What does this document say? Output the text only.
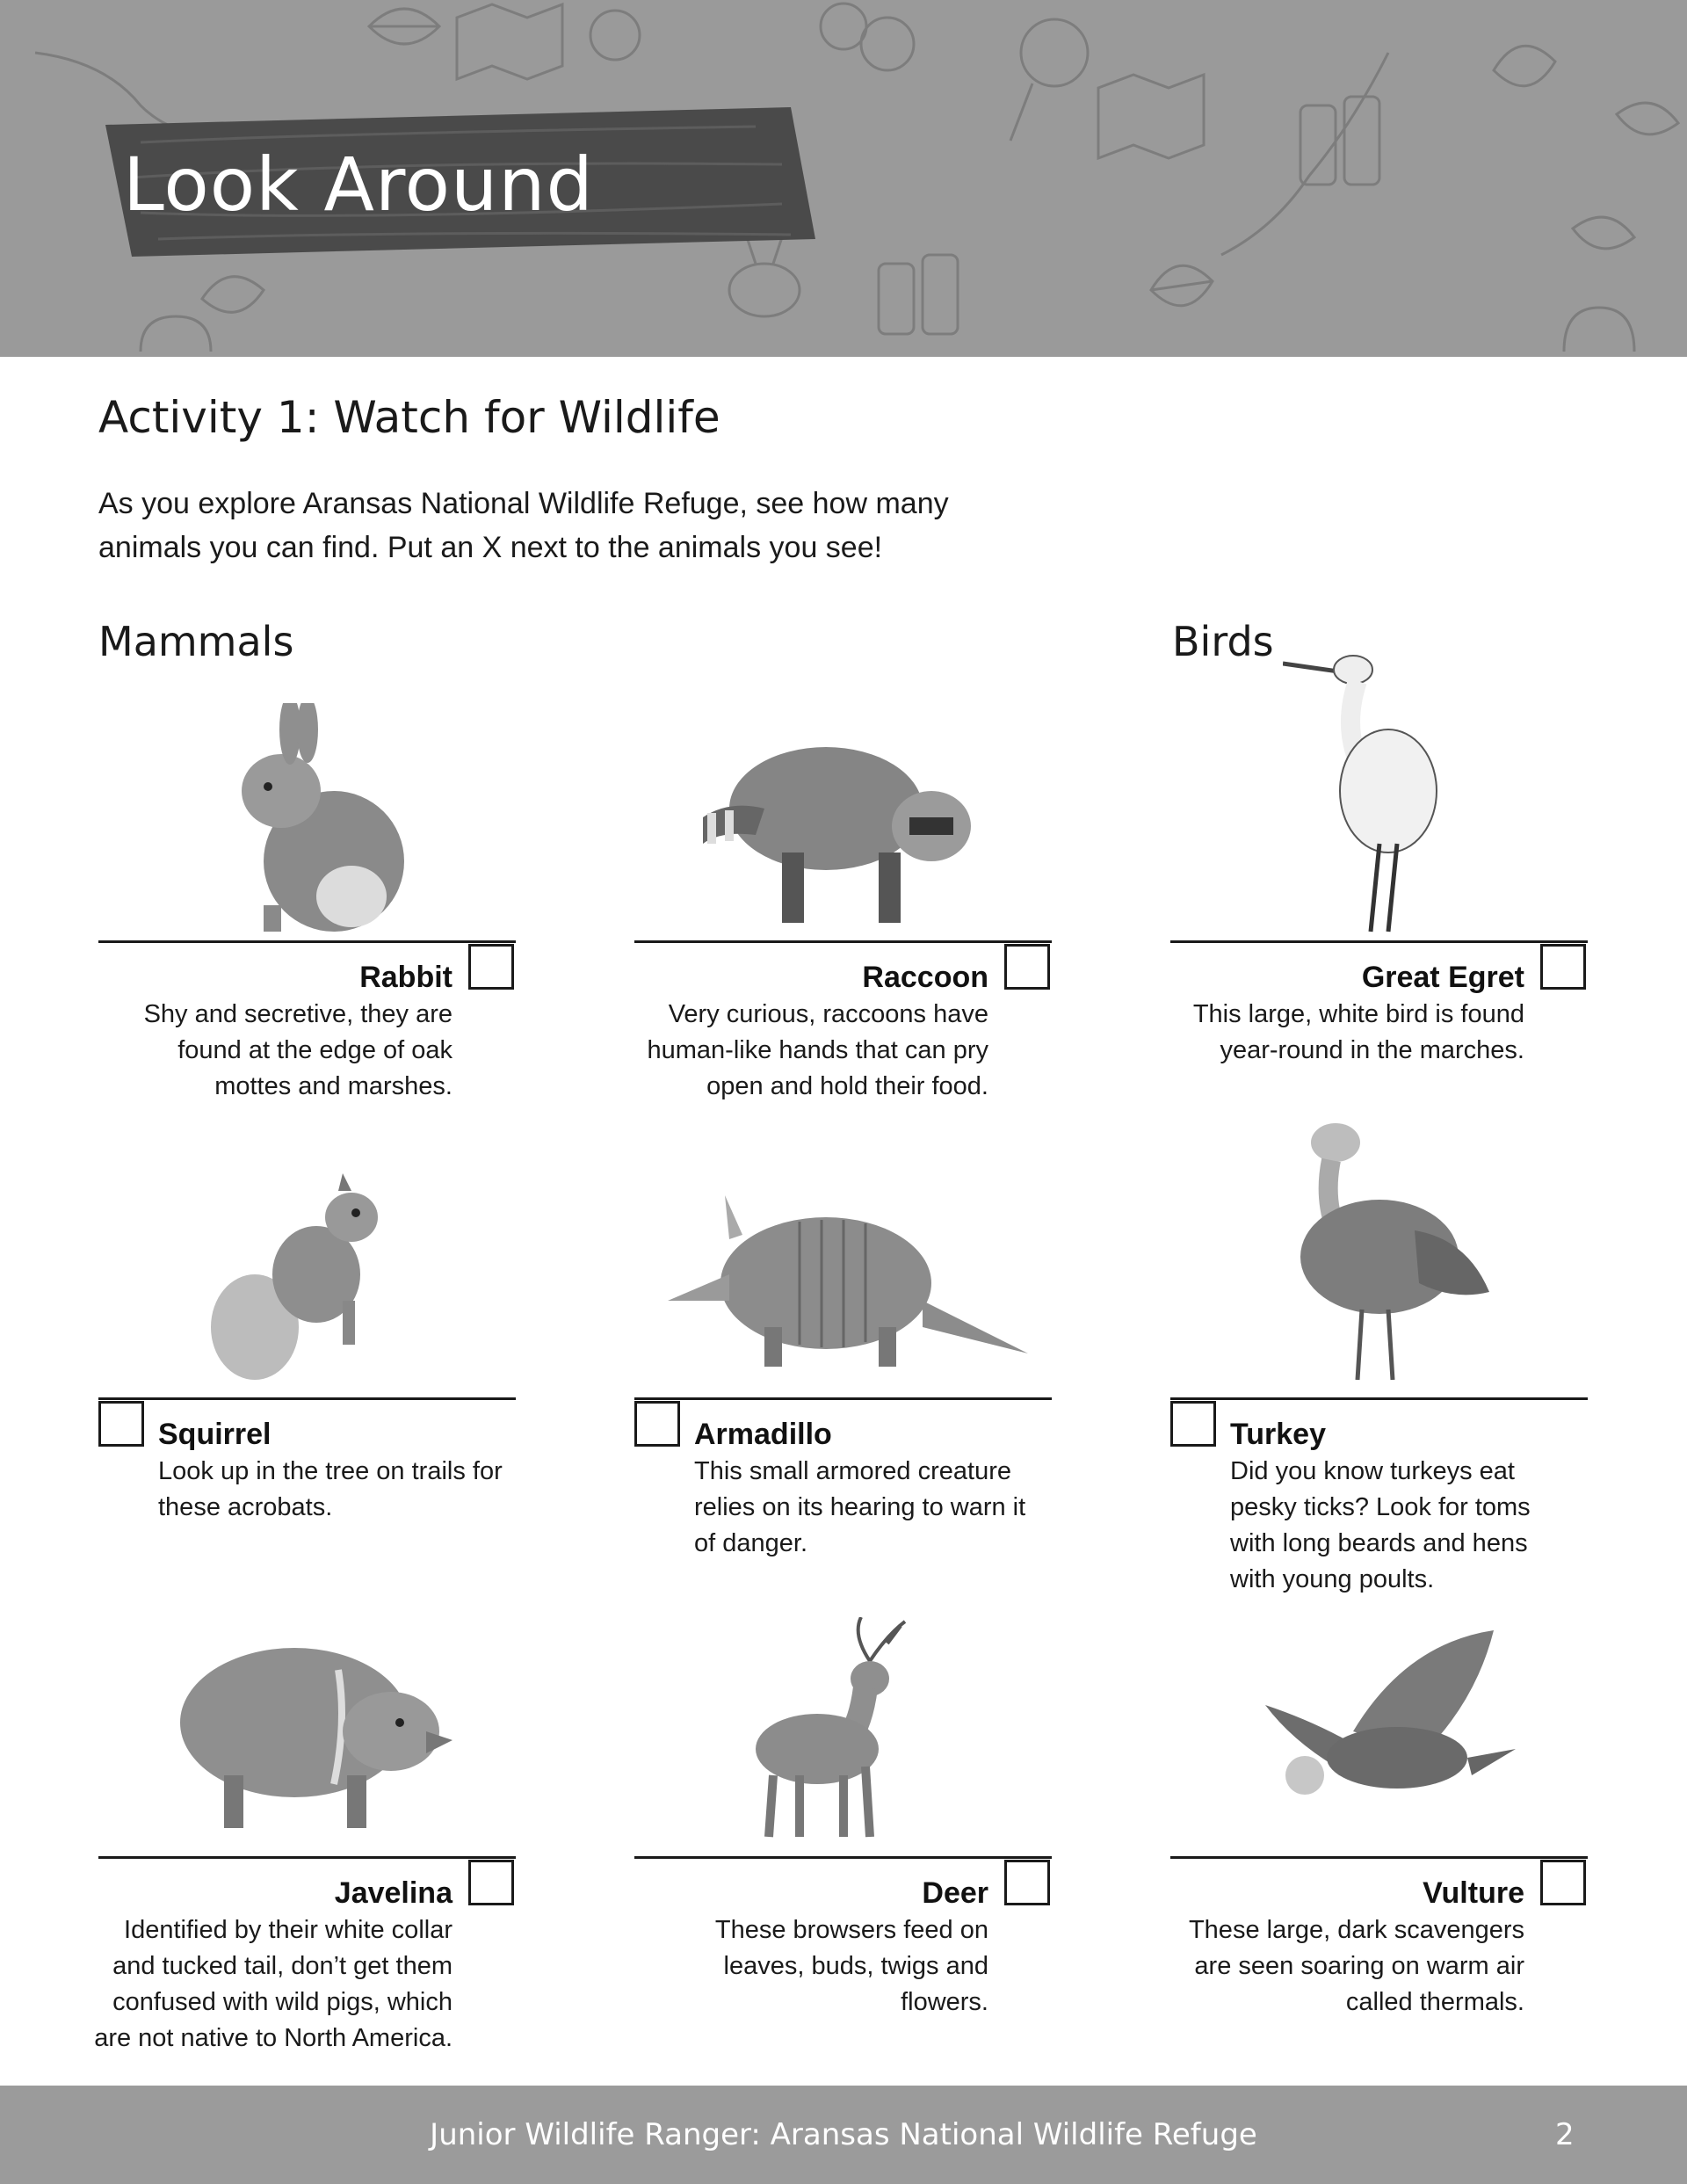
Look Around
Activity 1: Watch for Wildlife
As you explore Aransas National Wildlife Refuge, see how many
animals you can find. Put an X next to the animals you see!
Mammals	Birds
Rabbit
Shy and secretive, they are
found at the edge of oak
mottes and marshes.
Raccoon
Very curious, raccoons have
human-like hands that can pry
open and hold their food.
Great Egret
This large, white bird is found
year-round in the marches.
Squirrel
Look up in the tree on trails for
these acrobats.
Armadillo
This small armored creature
relies on its hearing to warn it
of danger.
Turkey
Did you know turkeys eat
pesky ticks? Look for toms
with long beards and hens
with young poults.
Javelina
Identified by their white collar
and tucked tail, don’t get them
confused with wild pigs, which
are not native to North America.
Deer
These browsers feed on
leaves, buds, twigs and
flowers.
Vulture
These large, dark scavengers
are seen soaring on warm air
called thermals.
Junior Wildlife Ranger: Aransas National Wildlife Refuge	2
